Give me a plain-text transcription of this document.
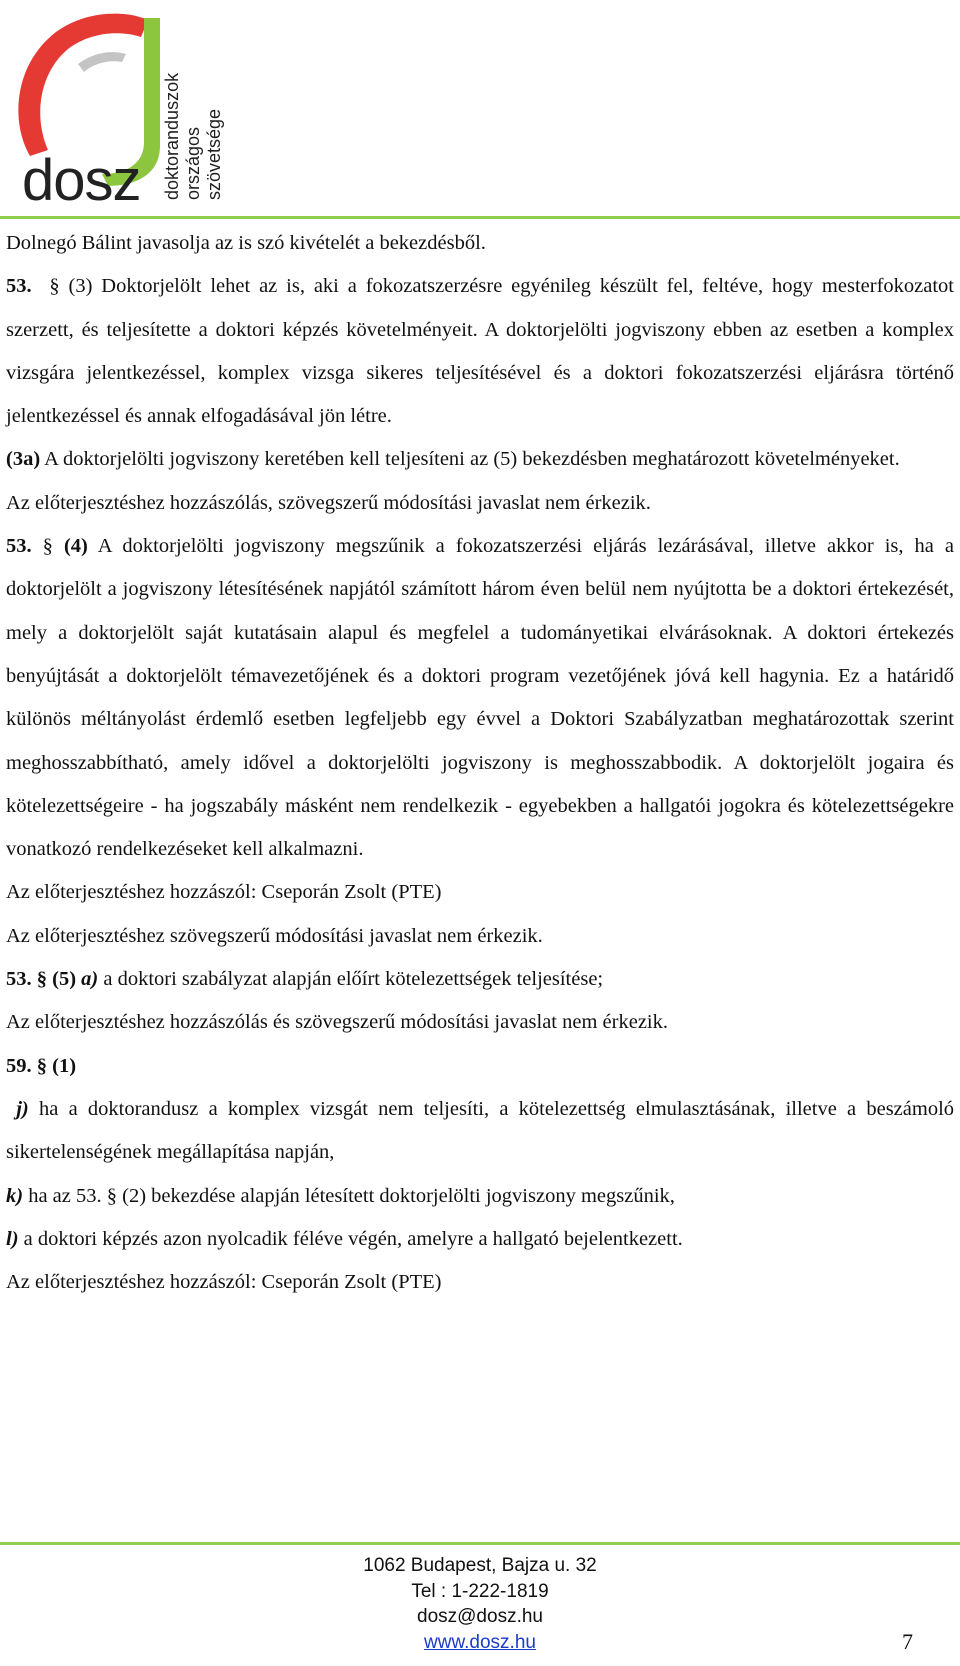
dosz doktoranduszok országos szövetsége

Dolnegó Bálint javasolja az is szó kivételét a bekezdésből.

53. § (3) Doktorjelölt lehet az is, aki a fokozatszerzésre egyénileg készült fel, feltéve, hogy mesterfokozatot szerzett, és teljesítette a doktori képzés követelményeit. A doktorjelölti jogviszony ebben az esetben a komplex vizsgára jelentkezéssel, komplex vizsga sikeres teljesítésével és a doktori fokozatszerzési eljárásra történő jelentkezéssel és annak elfogadásával jön létre.

(3a) A doktorjelölti jogviszony keretében kell teljesíteni az (5) bekezdésben meghatározott követelményeket.

Az előterjesztéshez hozzászólás, szövegszerű módosítási javaslat nem érkezik.

53. § (4) A doktorjelölti jogviszony megszűnik a fokozatszerzési eljárás lezárásával, illetve akkor is, ha a doktorjelölt a jogviszony létesítésének napjától számított három éven belül nem nyújtotta be a doktori értekezését, mely a doktorjelölt saját kutatásain alapul és megfelel a tudományetikai elvárásoknak. A doktori értekezés benyújtását a doktorjelölt témavezetőjének és a doktori program vezetőjének jóvá kell hagynia. Ez a határidő különös méltányolást érdemlő esetben legfeljebb egy évvel a Doktori Szabályzatban meghatározottak szerint meghosszabbítható, amely idővel a doktorjelölti jogviszony is meghosszabbodik. A doktorjelölt jogaira és kötelezettségeire - ha jogszabály másként nem rendelkezik - egyebekben a hallgatói jogokra és kötelezettségekre vonatkozó rendelkezéseket kell alkalmazni.

Az előterjesztéshez hozzászól: Cseporán Zsolt (PTE)

Az előterjesztéshez szövegszerű módosítási javaslat nem érkezik.

53. § (5) a) a doktori szabályzat alapján előírt kötelezettségek teljesítése;

Az előterjesztéshez hozzászólás és szövegszerű módosítási javaslat nem érkezik.

59. § (1)

j) ha a doktorandusz a komplex vizsgát nem teljesíti, a kötelezettség elmulasztásának, illetve a beszámoló sikertelenségének megállapítása napján,

k) ha az 53. § (2) bekezdése alapján létesített doktorjelölti jogviszony megszűnik,

l) a doktori képzés azon nyolcadik féléve végén, amelyre a hallgató bejelentkezett.

Az előterjesztéshez hozzászól: Cseporán Zsolt (PTE)

1062 Budapest, Bajza u. 32
Tel : 1-222-1819
dosz@dosz.hu
www.dosz.hu	7
